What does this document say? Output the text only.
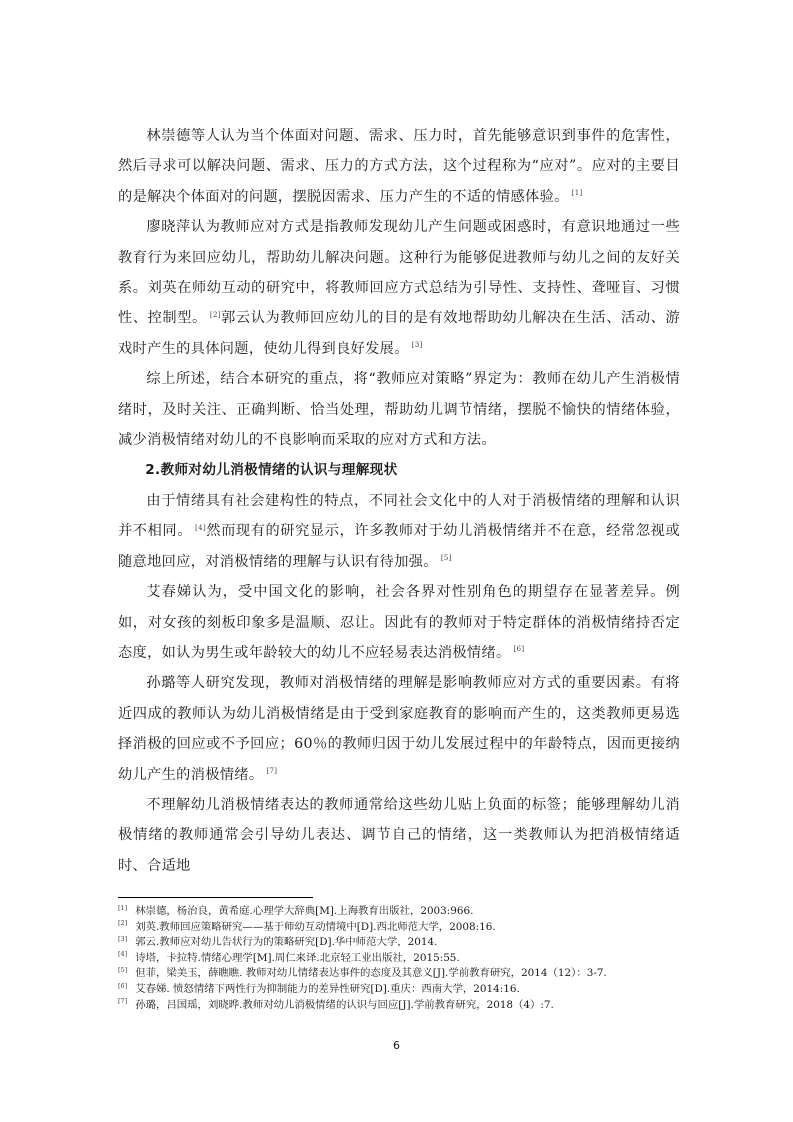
林崇德等人认为当个体面对问题、需求、压力时，首先能够意识到事件的危害性，然后寻求可以解决问题、需求、压力的方式方法，这个过程称为“应对”。应对的主要目的是解决个体面对的问题，摆脱因需求、压力产生的不适的情感体验。 [1]

廖晓萍认为教师应对方式是指教师发现幼儿产生问题或困惑时，有意识地通过一些教育行为来回应幼儿，帮助幼儿解决问题。这种行为能够促进教师与幼儿之间的友好关系。刘英在师幼互动的研究中，将教师回应方式总结为引导性、支持性、聋哑盲、习惯性、控制型。 [2]郭云认为教师回应幼儿的目的是有效地帮助幼儿解决在生活、活动、游戏时产生的具体问题，使幼儿得到良好发展。 [3]

综上所述，结合本研究的重点，将“教师应对策略”界定为：教师在幼儿产生消极情绪时，及时关注、正确判断、恰当处理，帮助幼儿调节情绪，摆脱不愉快的情绪体验，减少消极情绪对幼儿的不良影响而采取的应对方式和方法。

2.教师对幼儿消极情绪的认识与理解现状

由于情绪具有社会建构性的特点，不同社会文化中的人对于消极情绪的理解和认识并不相同。 [4]然而现有的研究显示，许多教师对于幼儿消极情绪并不在意，经常忽视或随意地回应，对消极情绪的理解与认识有待加强。 [5]

艾春娣认为，受中国文化的影响，社会各界对性别角色的期望存在显著差异。例如，对女孩的刻板印象多是温顺、忍让。因此有的教师对于特定群体的消极情绪持否定态度，如认为男生或年龄较大的幼儿不应轻易表达消极情绪。 [6]

孙璐等人研究发现，教师对消极情绪的理解是影响教师应对方式的重要因素。有将近四成的教师认为幼儿消极情绪是由于受到家庭教育的影响而产生的，这类教师更易选择消极的回应或不予回应；60％的教师归因于幼儿发展过程中的年龄特点，因而更接纳幼儿产生的消极情绪。 [7]

不理解幼儿消极情绪表达的教师通常给这些幼儿贴上负面的标签；能够理解幼儿消极情绪的教师通常会引导幼儿表达、调节自己的情绪，这一类教师认为把消极情绪适时、合适地

[1] 林崇德，杨治良，黄希庭.心理学大辞典[M].上海教育出版社，2003:966.

[2] 刘英.教师回应策略研究——基于师幼互动情境中[D].西北师范大学，2008:16.

[3] 郭云.教师应对幼儿告状行为的策略研究[D].华中师范大学，2014.

[4] 诗塔，卡拉特.情绪心理学[M].周仁来译.北京轻工业出版社，2015:55.

[5] 但菲，梁美玉，薛瞧瞧. 教师对幼儿情绪表达事件的态度及其意义[J].学前教育研究，2014（12）：3-7.

[6] 艾春娣. 愤怒情绪下两性行为抑制能力的差异性研究[D].重庆：西南大学，2014:16.

[7] 孙璐，吕国瑶，刘晓晔.教师对幼儿消极情绪的认识与回应[J].学前教育研究，2018（4）:7.

6
